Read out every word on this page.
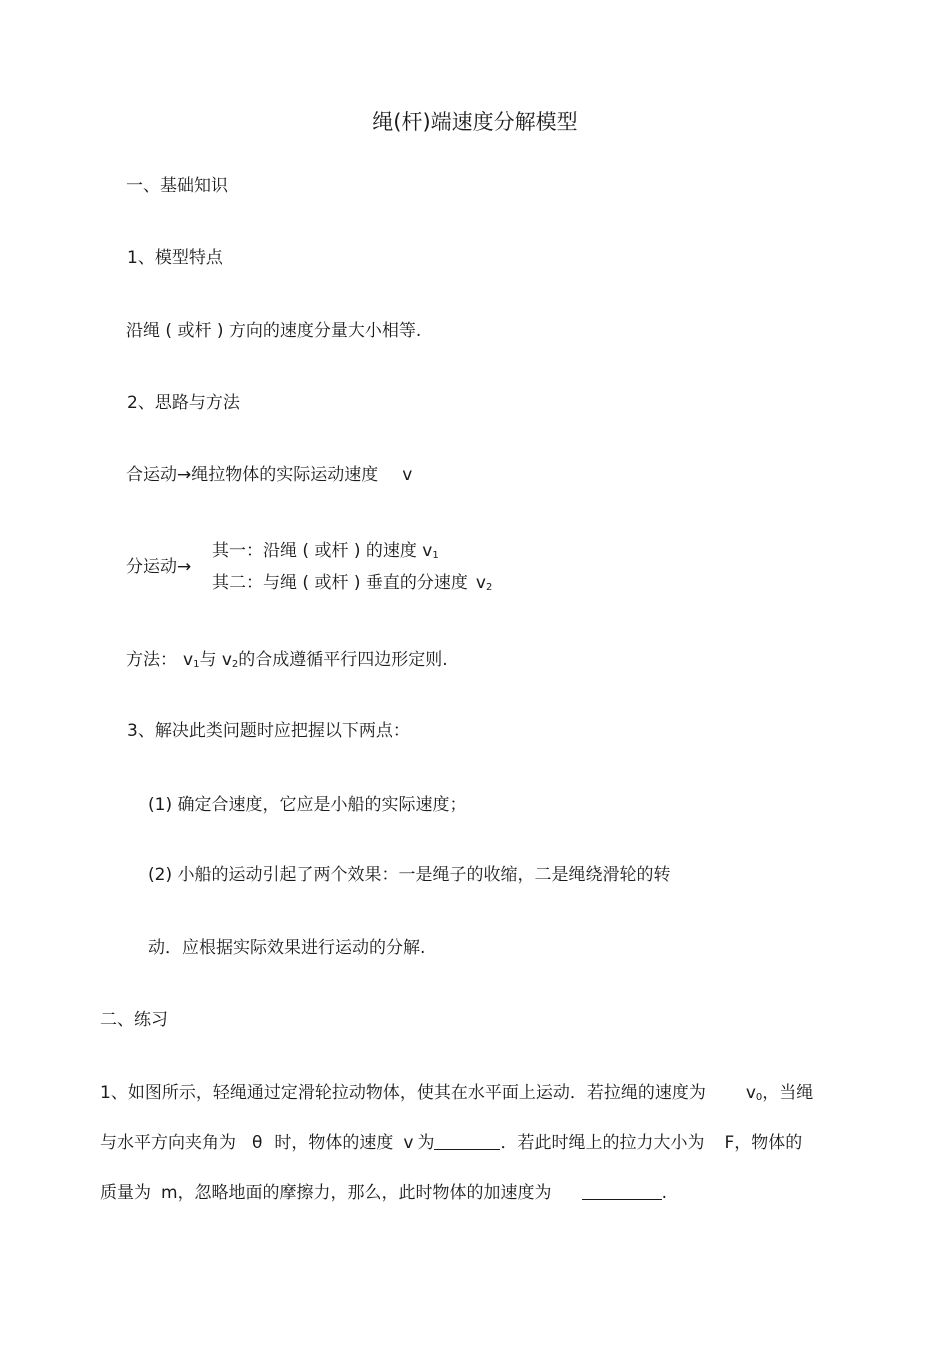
绳(杆)端速度分解模型
一、基础知识
1、模型特点
沿绳 ( 或杆 ) 方向的速度分量大小相等.
2、思路与方法
合运动→绳拉物体的实际运动速度 v
分运动→
其一：沿绳 ( 或杆 ) 的速度 $v_1$
其二：与绳 ( 或杆 ) 垂直的分速度 $v_2$
方法： $v_1$与 $v_2$的合成遵循平行四边形定则.
3、解决此类问题时应把握以下两点：
(1) 确定合速度，它应是小船的实际速度；
(2) 小船的运动引起了两个效果：一是绳子的收缩，二是绳绕滑轮的转
动．应根据实际效果进行运动的分解.
二、练习
1、如图所示，轻绳通过定滑轮拉动物体，使其在水平面上运动．若拉绳的速度为 $v_0$，当绳
与水平方向夹角为 θ 时，物体的速度 v 为	．若此时绳上的拉力大小为 F，物体的
质量为 m，忽略地面的摩擦力，那么，此时物体的加速度为	.
